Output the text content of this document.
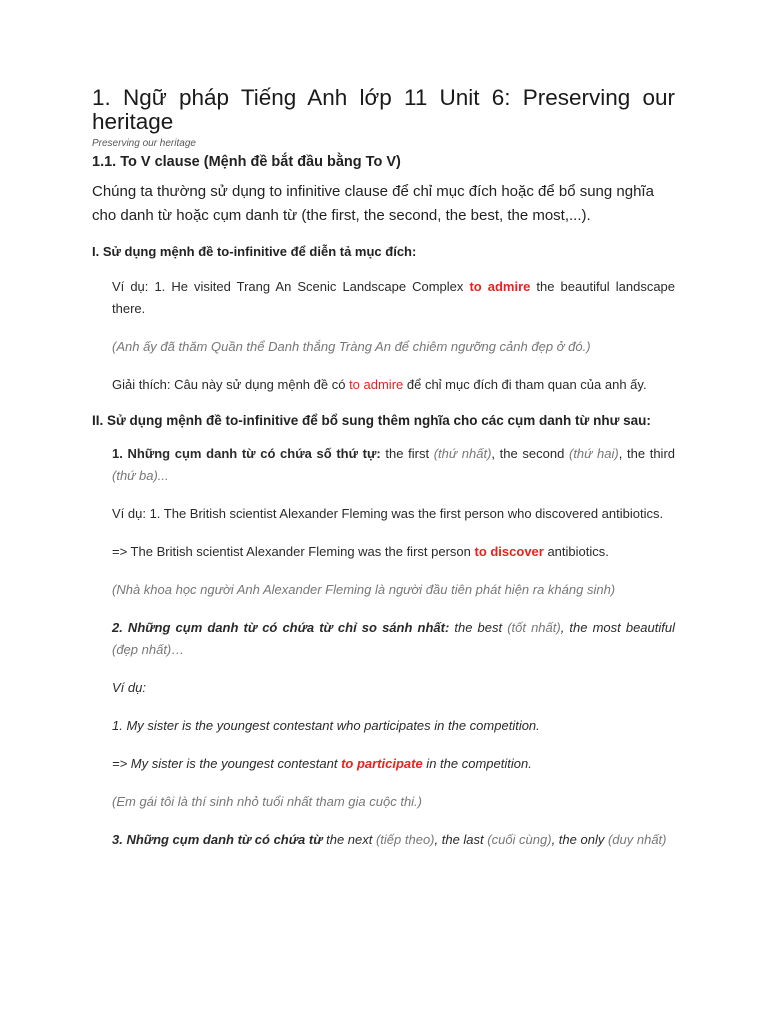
1. Ngữ pháp Tiếng Anh lớp 11 Unit 6: Preserving our heritage
Preserving our heritage
1.1. To V clause (Mệnh đề bắt đầu bằng To V)
Chúng ta thường sử dụng to infinitive clause để chỉ mục đích hoặc để bổ sung nghĩa cho danh từ hoặc cụm danh từ (the first, the second, the best, the most,...).
I. Sử dụng mệnh đề to-infinitive để diễn tả mục đích:
Ví dụ: 1. He visited Trang An Scenic Landscape Complex to admire the beautiful landscape there.
(Anh ấy đã thăm Quần thể Danh thắng Tràng An để chiêm ngưỡng cảnh đẹp ở đó.)
Giải thích: Câu này sử dụng mệnh đề có to admire để chỉ mục đích đi tham quan của anh ấy.
II. Sử dụng mệnh đề to-infinitive để bổ sung thêm nghĩa cho các cụm danh từ như sau:
1. Những cụm danh từ có chứa số thứ tự: the first (thứ nhất), the second (thứ hai), the third (thứ ba)...
Ví dụ: 1. The British scientist Alexander Fleming was the first person who discovered antibiotics.
=> The British scientist Alexander Fleming was the first person to discover antibiotics.
(Nhà khoa học người Anh Alexander Fleming là người đầu tiên phát hiện ra kháng sinh)
2. Những cụm danh từ có chứa từ chỉ so sánh nhất: the best (tốt nhất), the most beautiful (đẹp nhất)…
Ví dụ:
1. My sister is the youngest contestant who participates in the competition.
=> My sister is the youngest contestant to participate in the competition.
(Em gái tôi là thí sinh nhỏ tuổi nhất tham gia cuộc thi.)
3. Những cụm danh từ có chứa từ the next (tiếp theo), the last (cuối cùng), the only (duy nhất)
